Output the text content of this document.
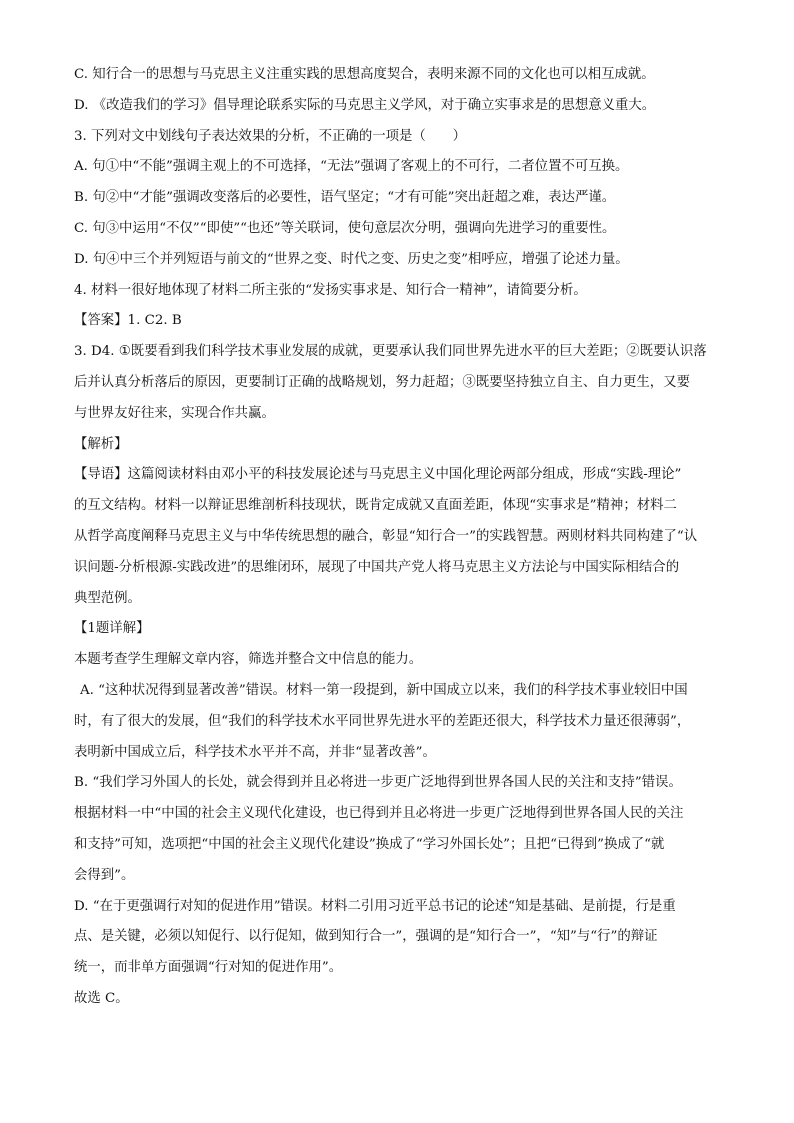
C. 知行合一的思想与马克思主义注重实践的思想高度契合，表明来源不同的文化也可以相互成就。
D. 《改造我们的学习》倡导理论联系实际的马克思主义学风，对于确立实事求是的思想意义重大。
3. 下列对文中划线句子表达效果的分析，不正确的一项是（　　）
A. 句①中“不能”强调主观上的不可选择，“无法”强调了客观上的不可行，二者位置不可互换。
B. 句②中“才能”强调改变落后的必要性，语气坚定；“才有可能”突出赶超之难，表达严谨。
C. 句③中运用“不仅”“即使”“也还”等关联词，使句意层次分明，强调向先进学习的重要性。
D. 句④中三个并列短语与前文的“世界之变、时代之变、历史之变”相呼应，增强了论述力量。
4. 材料一很好地体现了材料二所主张的“发扬实事求是、知行合一精神”，请简要分析。
【答案】1. C2. B
3. D4. ①既要看到我们科学技术事业发展的成就，更要承认我们同世界先进水平的巨大差距；②既要认识落
后并认真分析落后的原因，更要制订正确的战略规划，努力赶超；③既要坚持独立自主、自力更生，又要
与世界友好往来，实现合作共赢。
【解析】
【导语】这篇阅读材料由邓小平的科技发展论述与马克思主义中国化理论两部分组成，形成“实践-理论”
的互文结构。材料一以辩证思维剖析科技现状，既肯定成就又直面差距，体现“实事求是”精神；材料二
从哲学高度阐释马克思主义与中华传统思想的融合，彰显“知行合一”的实践智慧。两则材料共同构建了“认
识问题-分析根源-实践改进”的思维闭环，展现了中国共产党人将马克思主义方法论与中国实际相结合的
典型范例。
【1题详解】
本题考查学生理解文章内容，筛选并整合文中信息的能力。
A. “这种状况得到显著改善”错误。材料一第一段提到，新中国成立以来，我们的科学技术事业较旧中国
时，有了很大的发展，但“我们的科学技术水平同世界先进水平的差距还很大，科学技术力量还很薄弱”，
表明新中国成立后，科学技术水平并不高，并非“显著改善”。
B. “我们学习外国人的长处，就会得到并且必将进一步更广泛地得到世界各国人民的关注和支持”错误。
根据材料一中“中国的社会主义现代化建设，也已得到并且必将进一步更广泛地得到世界各国人民的关注
和支持”可知，选项把“中国的社会主义现代化建设”换成了“学习外国长处”；且把“已得到”换成了“就
会得到”。
D. “在于更强调行对知的促进作用”错误。材料二引用习近平总书记的论述“知是基础、是前提，行是重
点、是关键，必须以知促行、以行促知，做到知行合一”，强调的是“知行合一”，“知”与“行”的辩证
统一，而非单方面强调“行对知的促进作用”。
故选 C。
